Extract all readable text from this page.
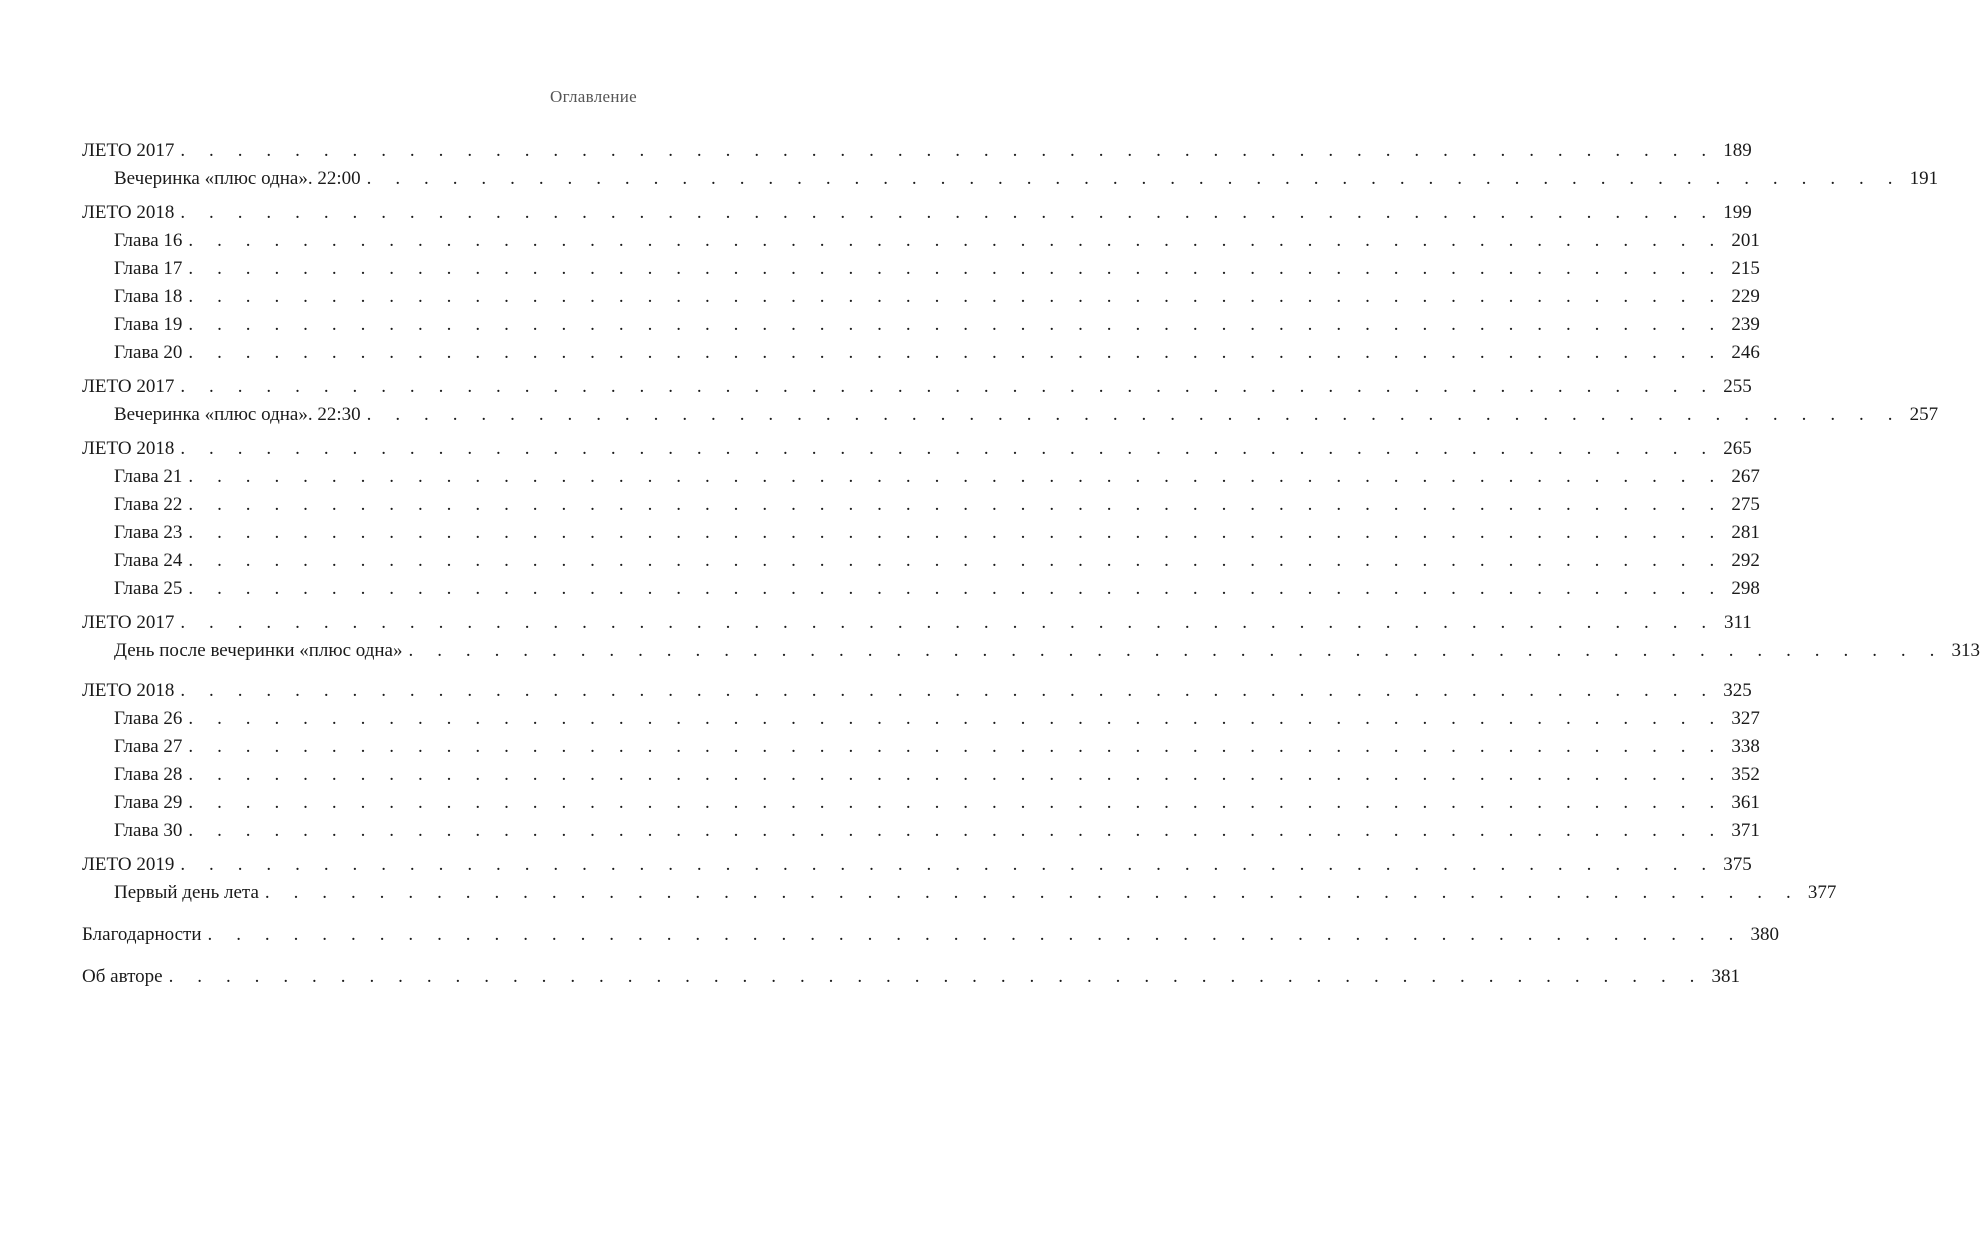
Оглавление
ЛЕТО 2017 . . . . . . . . . . . . . . . . . . . . . . . . . . . . . . . . . . . . . . . . . . . . . . . . . . . . . . 189
Вечеринка «плюс одна». 22:00 . . . . . . . . . . . . . . . . . . . . . . . . . . . . . . . . . . . . . . . . . . . . . . . . . . . . . . 191
ЛЕТО 2018 . . . . . . . . . . . . . . . . . . . . . . . . . . . . . . . . . . . . . . . . . . . . . . . . . . . . . . 199
Глава 16 . . . . . . . . . . . . . . . . . . . . . . . . . . . . . . . . . . . . . . . . . . . . . . . . . . . . . . 201
Глава 17 . . . . . . . . . . . . . . . . . . . . . . . . . . . . . . . . . . . . . . . . . . . . . . . . . . . . . . 215
Глава 18 . . . . . . . . . . . . . . . . . . . . . . . . . . . . . . . . . . . . . . . . . . . . . . . . . . . . . . 229
Глава 19 . . . . . . . . . . . . . . . . . . . . . . . . . . . . . . . . . . . . . . . . . . . . . . . . . . . . . . 239
Глава 20 . . . . . . . . . . . . . . . . . . . . . . . . . . . . . . . . . . . . . . . . . . . . . . . . . . . . . . 246
ЛЕТО 2017 . . . . . . . . . . . . . . . . . . . . . . . . . . . . . . . . . . . . . . . . . . . . . . . . . . . . . . 255
Вечеринка «плюс одна». 22:30 . . . . . . . . . . . . . . . . . . . . . . . . . . . . . . . . . . . . . . . . . . . . . . . . . . . . . . 257
ЛЕТО 2018 . . . . . . . . . . . . . . . . . . . . . . . . . . . . . . . . . . . . . . . . . . . . . . . . . . . . . . 265
Глава 21 . . . . . . . . . . . . . . . . . . . . . . . . . . . . . . . . . . . . . . . . . . . . . . . . . . . . . . 267
Глава 22 . . . . . . . . . . . . . . . . . . . . . . . . . . . . . . . . . . . . . . . . . . . . . . . . . . . . . . 275
Глава 23 . . . . . . . . . . . . . . . . . . . . . . . . . . . . . . . . . . . . . . . . . . . . . . . . . . . . . . 281
Глава 24 . . . . . . . . . . . . . . . . . . . . . . . . . . . . . . . . . . . . . . . . . . . . . . . . . . . . . . 292
Глава 25 . . . . . . . . . . . . . . . . . . . . . . . . . . . . . . . . . . . . . . . . . . . . . . . . . . . . . . 298
ЛЕТО 2017 . . . . . . . . . . . . . . . . . . . . . . . . . . . . . . . . . . . . . . . . . . . . . . . . . . . . . . 311
День после вечеринки «плюс одна» . . . . . . . . . . . . . . . . . . . . . . . . . . . . . . . . . . . . . . . . . . . . . . . . . . . . . . 313
ЛЕТО 2018 . . . . . . . . . . . . . . . . . . . . . . . . . . . . . . . . . . . . . . . . . . . . . . . . . . . . . . 325
Глава 26 . . . . . . . . . . . . . . . . . . . . . . . . . . . . . . . . . . . . . . . . . . . . . . . . . . . . . . 327
Глава 27 . . . . . . . . . . . . . . . . . . . . . . . . . . . . . . . . . . . . . . . . . . . . . . . . . . . . . . 338
Глава 28 . . . . . . . . . . . . . . . . . . . . . . . . . . . . . . . . . . . . . . . . . . . . . . . . . . . . . . 352
Глава 29 . . . . . . . . . . . . . . . . . . . . . . . . . . . . . . . . . . . . . . . . . . . . . . . . . . . . . . 361
Глава 30 . . . . . . . . . . . . . . . . . . . . . . . . . . . . . . . . . . . . . . . . . . . . . . . . . . . . . . 371
ЛЕТО 2019 . . . . . . . . . . . . . . . . . . . . . . . . . . . . . . . . . . . . . . . . . . . . . . . . . . . . . . 375
Первый день лета . . . . . . . . . . . . . . . . . . . . . . . . . . . . . . . . . . . . . . . . . . . . . . . . . . . . . . 377
Благодарности . . . . . . . . . . . . . . . . . . . . . . . . . . . . . . . . . . . . . . . . . . . . . . . . . . . . . . 380
Об авторе . . . . . . . . . . . . . . . . . . . . . . . . . . . . . . . . . . . . . . . . . . . . . . . . . . . . . . 381
